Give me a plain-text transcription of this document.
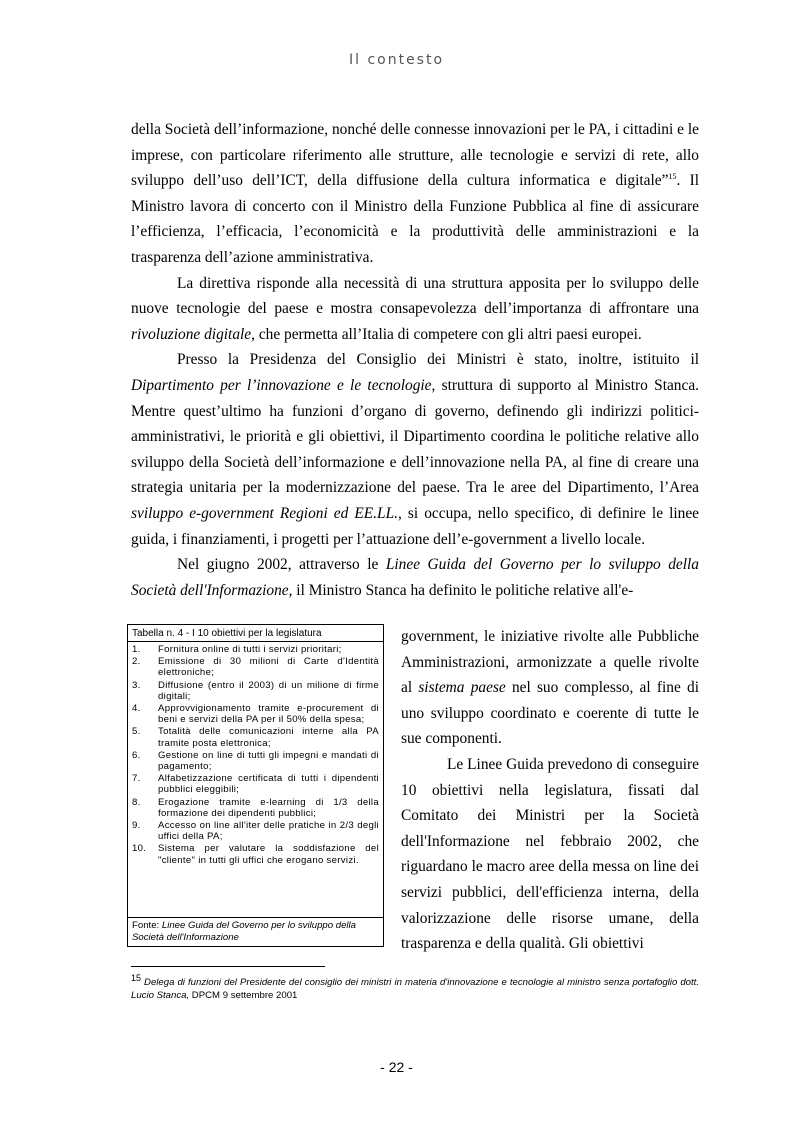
Il contesto

della Società dell’informazione, nonché delle connesse innovazioni per le PA, i cittadini e le imprese, con particolare riferimento alle strutture, alle tecnologie e servizi di rete, allo sviluppo dell’uso dell’ICT, della diffusione della cultura informatica e digitale”$^{15}$. Il Ministro lavora di concerto con il Ministro della Funzione Pubblica al fine di assicurare l’efficienza, l’efficacia, l’economicità e la produttività delle amministrazioni e la trasparenza dell’azione amministrativa.

La direttiva risponde alla necessità di una struttura apposita per lo sviluppo delle nuove tecnologie del paese e mostra consapevolezza dell’importanza di affrontare una rivoluzione digitale, che permetta all’Italia di competere con gli altri paesi europei.

Presso la Presidenza del Consiglio dei Ministri è stato, inoltre, istituito il Dipartimento per l’innovazione e le tecnologie, struttura di supporto al Ministro Stanca. Mentre quest’ultimo ha funzioni d’organo di governo, definendo gli indirizzi politici-amministrativi, le priorità e gli obiettivi, il Dipartimento coordina le politiche relative allo sviluppo della Società dell’informazione e dell’innovazione nella PA, al fine di creare una strategia unitaria per la modernizzazione del paese. Tra le aree del Dipartimento, l’Area sviluppo e-government Regioni ed EE.LL., si occupa, nello specifico, di definire le linee guida, i finanziamenti, i progetti per l’attuazione dell’e-government a livello locale.

Nel giugno 2002, attraverso le Linee Guida del Governo per lo sviluppo della Società dell'Informazione, il Ministro Stanca ha definito le politiche relative all'e-

Tabella n. 4 - I 10 obiettivi per la legislatura
1.	Fornitura online di tutti i servizi prioritari;
2.	Emissione di 30 milioni di Carte d'Identità elettroniche;
3.	Diffusione (entro il 2003) di un milione di firme digitali;
4.	Approvvigionamento tramite e-procurement di beni e servizi della PA per il 50% della spesa;
5.	Totalità delle comunicazioni interne alla PA tramite posta elettronica;
6.	Gestione on line di tutti gli impegni e mandati di pagamento;
7.	Alfabetizzazione certificata di tutti i dipendenti pubblici eleggibili;
8.	Erogazione tramite e-learning di 1/3 della formazione dei dipendenti pubblici;
9.	Accesso on line all'iter delle pratiche in 2/3 degli uffici della PA;
10.	Sistema per valutare la soddisfazione del "cliente" in tutti gli uffici che erogano servizi.
Fonte: Linee Guida del Governo per lo sviluppo della Società dell'Informazione

government, le iniziative rivolte alle Pubbliche Amministrazioni, armonizzate a quelle rivolte al sistema paese nel suo complesso, al fine di uno sviluppo coordinato e coerente di tutte le sue componenti.

Le Linee Guida prevedono di conseguire 10 obiettivi nella legislatura, fissati dal Comitato dei Ministri per la Società dell'Informazione nel febbraio 2002, che riguardano le macro aree della messa on line dei servizi pubblici, dell'efficienza interna, della valorizzazione delle risorse umane, della trasparenza e della qualità. Gli obiettivi

15 Delega di funzioni del Presidente del consiglio dei ministri in materia d'innovazione e tecnologie al ministro senza portafoglio dott. Lucio Stanca, DPCM 9 settembre 2001
- 22 -
